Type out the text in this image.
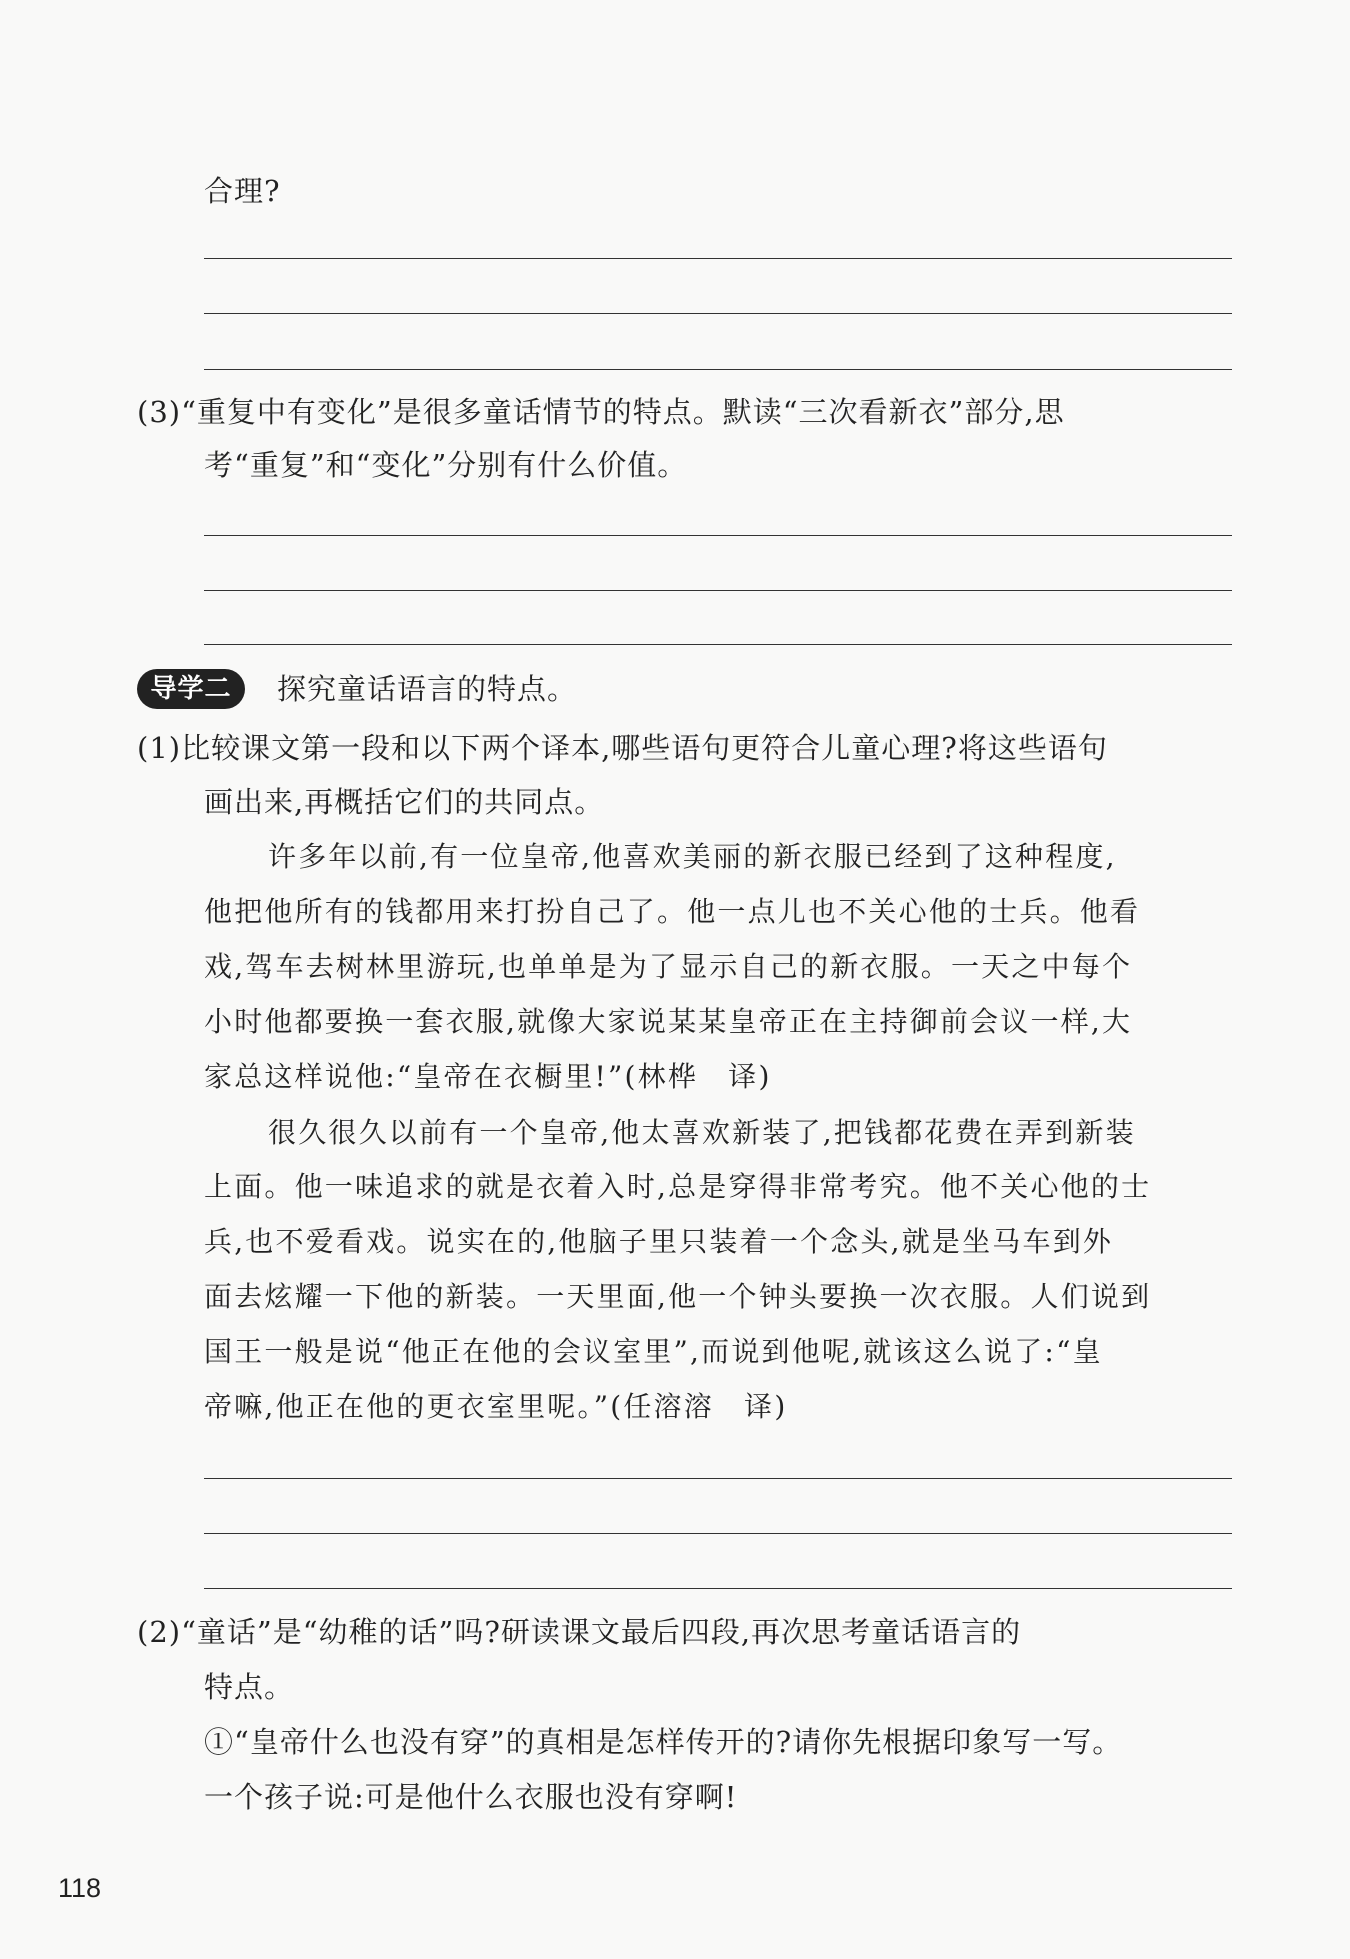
合理?
(3)“重复中有变化”是很多童话情节的特点。默读“三次看新衣”部分,思
考“重复”和“变化”分别有什么价值。
导学二	探究童话语言的特点。
(1)比较课文第一段和以下两个译本,哪些语句更符合儿童心理?将这些语句
画出来,再概括它们的共同点。
许多年以前,有一位皇帝,他喜欢美丽的新衣服已经到了这种程度,
他把他所有的钱都用来打扮自己了。他一点儿也不关心他的士兵。他看
戏,驾车去树林里游玩,也单单是为了显示自己的新衣服。一天之中每个
小时他都要换一套衣服,就像大家说某某皇帝正在主持御前会议一样,大
家总这样说他:“皇帝在衣橱里!”(林桦　译)
很久很久以前有一个皇帝,他太喜欢新装了,把钱都花费在弄到新装
上面。他一味追求的就是衣着入时,总是穿得非常考究。他不关心他的士
兵,也不爱看戏。说实在的,他脑子里只装着一个念头,就是坐马车到外
面去炫耀一下他的新装。一天里面,他一个钟头要换一次衣服。人们说到
国王一般是说“他正在他的会议室里”,而说到他呢,就该这么说了:“皇
帝嘛,他正在他的更衣室里呢。”(任溶溶　译)
(2)“童话”是“幼稚的话”吗?研读课文最后四段,再次思考童话语言的
特点。
①“皇帝什么也没有穿”的真相是怎样传开的?请你先根据印象写一写。
一个孩子说:可是他什么衣服也没有穿啊!
118
